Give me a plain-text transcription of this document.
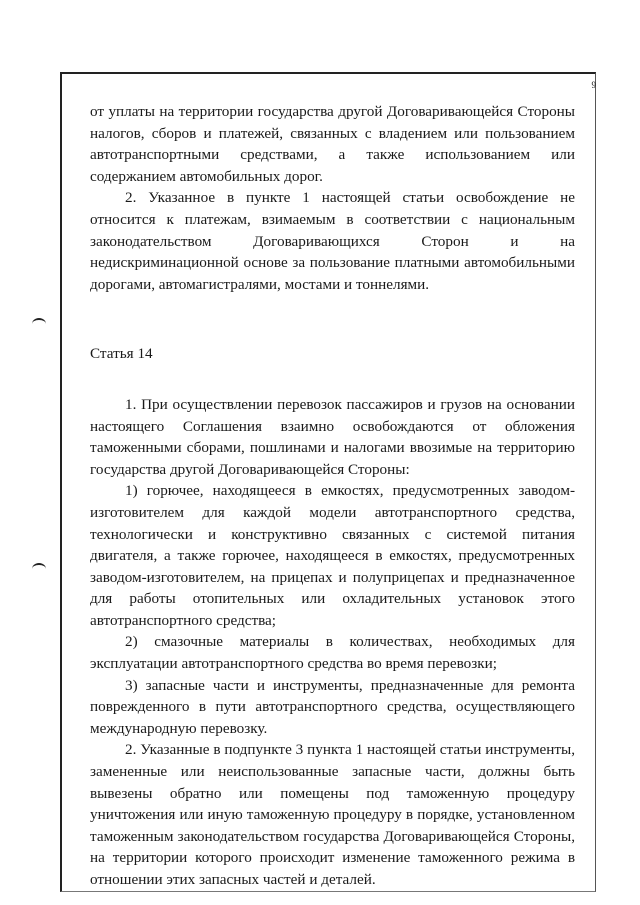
9

от уплаты на территории государства другой Договаривающейся Стороны налогов, сборов и платежей, связанных с владением или пользованием автотранспортными средствами, а также использованием или содержанием автомобильных дорог.

2. Указанное в пункте 1 настоящей статьи освобождение не относится к платежам, взимаемым в соответствии с национальным законодательством Договаривающихся Сторон и на недискриминационной основе за пользование платными автомобильными дорогами, автомагистралями, мостами и тоннелями.

Статья 14

1. При осуществлении перевозок пассажиров и грузов на основании настоящего Соглашения взаимно освобождаются от обложения таможенными сборами, пошлинами и налогами ввозимые на территорию государства другой Договаривающейся Стороны:

1) горючее, находящееся в емкостях, предусмотренных заводом-изготовителем для каждой модели автотранспортного средства, технологически и конструктивно связанных с системой питания двигателя, а также горючее, находящееся в емкостях, предусмотренных заводом-изготовителем, на прицепах и полуприцепах и предназначенное для работы отопительных или охладительных установок этого автотранспортного средства;

2) смазочные материалы в количествах, необходимых для эксплуатации автотранспортного средства во время перевозки;

3) запасные части и инструменты, предназначенные для ремонта поврежденного в пути автотранспортного средства, осуществляющего международную перевозку.

2. Указанные в подпункте 3 пункта 1 настоящей статьи инструменты, замененные или неиспользованные запасные части, должны быть вывезены обратно или помещены под таможенную процедуру уничтожения или иную таможенную процедуру в порядке, установленном таможенным законодательством государства Договаривающейся Стороны, на территории которого происходит изменение таможенного режима в отношении этих запасных частей и деталей.
